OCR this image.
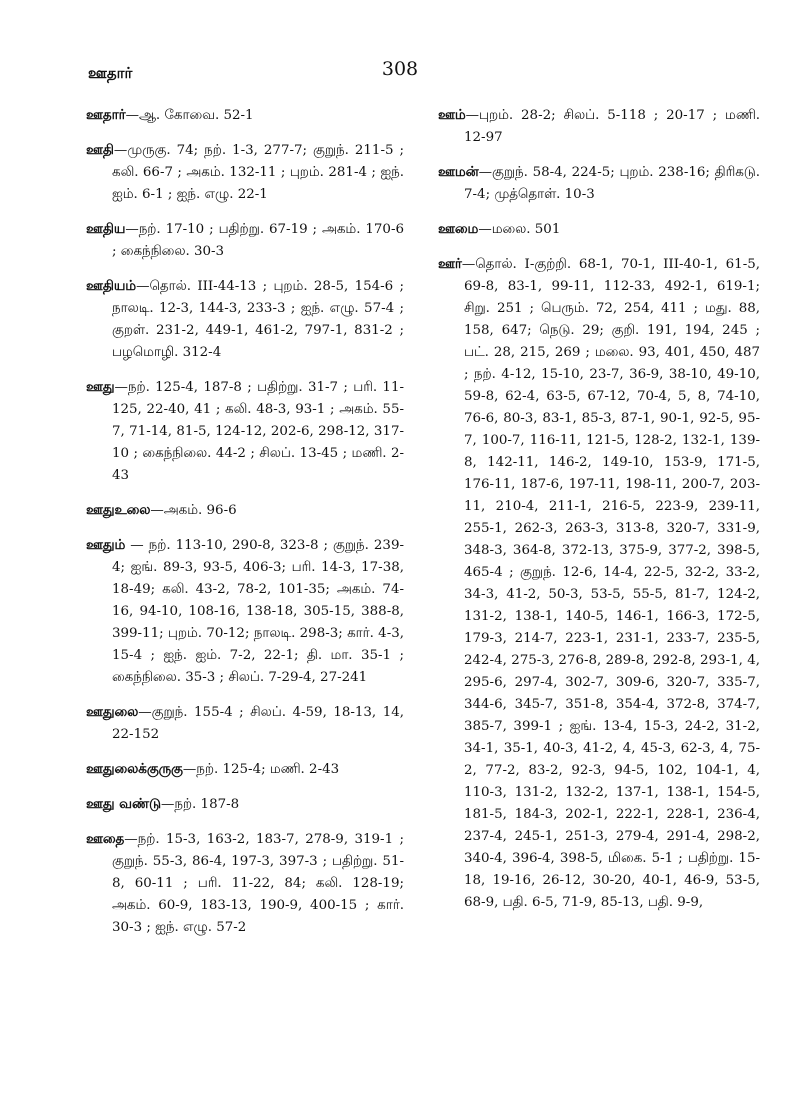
ஊதார்	308

ஊதார்—ஆ. கோவை. 52-1

ஊதி—முருகு. 74; நற். 1-3, 277-7; குறுந். 211-5 ; கலி. 66-7 ; அகம். 132-11 ; புறம். 281-4 ; ஐந். ஐம். 6-1 ; ஐந். எழு. 22-1

ஊதிய—நற். 17-10 ; பதிற்று. 67-19 ; அகம். 170-6 ; கைந்நிலை. 30-3

ஊதியம்—தொல். III-44-13 ; புறம். 28-5, 154-6 ; நாலடி. 12-3, 144-3, 233-3 ; ஐந். எழு. 57-4 ; குறள். 231-2, 449-1, 461-2, 797-1, 831-2 ; பழமொழி. 312-4

ஊது—நற். 125-4, 187-8 ; பதிற்று. 31-7 ; பரி. 11-125, 22-40, 41 ; கலி. 48-3, 93-1 ; அகம். 55-7, 71-14, 81-5, 124-12, 202-6, 298-12, 317-10 ; கைந்நிலை. 44-2 ; சிலப். 13-45 ; மணி. 2-43

ஊதுஉலை—அகம். 96-6

ஊதும் — நற். 113-10, 290-8, 323-8 ; குறுந். 239-4; ஐங். 89-3, 93-5, 406-3; பரி. 14-3, 17-38, 18-49; கலி. 43-2, 78-2, 101-35; அகம். 74-16, 94-10, 108-16, 138-18, 305-15, 388-8, 399-11; புறம். 70-12; நாலடி. 298-3; கார். 4-3, 15-4 ; ஐந். ஐம். 7-2, 22-1; தி. மா. 35-1 ; கைந்நிலை. 35-3 ; சிலப். 7-29-4, 27-241

ஊதுலை—குறுந். 155-4 ; சிலப். 4-59, 18-13, 14, 22-152

ஊதுலைக்குருகு—நற். 125-4; மணி. 2-43

ஊது வண்டு—நற். 187-8

ஊதை—நற். 15-3, 163-2, 183-7, 278-9, 319-1 ; குறுந். 55-3, 86-4, 197-3, 397-3 ; பதிற்று. 51-8, 60-11 ; பரி. 11-22, 84; கலி. 128-19; அகம். 60-9, 183-13, 190-9, 400-15 ; கார். 30-3 ; ஐந். எழு. 57-2

ஊம்—புறம். 28-2; சிலப். 5-118 ; 20-17 ; மணி. 12-97

ஊமன்—குறுந். 58-4, 224-5; புறம். 238-16; திரிகடு. 7-4; முத்தொள். 10-3

ஊமை—மலை. 501

ஊர்—தொல். I-குற்றி. 68-1, 70-1, III-40-1, 61-5, 69-8, 83-1, 99-11, 112-33, 492-1, 619-1; சிறு. 251 ; பெரும். 72, 254, 411 ; மது. 88, 158, 647; நெடு. 29; குறி. 191, 194, 245 ; பட். 28, 215, 269 ; மலை. 93, 401, 450, 487 ; நற். 4-12, 15-10, 23-7, 36-9, 38-10, 49-10, 59-8, 62-4, 63-5, 67-12, 70-4, 5, 8, 74-10, 76-6, 80-3, 83-1, 85-3, 87-1, 90-1, 92-5, 95-7, 100-7, 116-11, 121-5, 128-2, 132-1, 139-8, 142-11, 146-2, 149-10, 153-9, 171-5, 176-11, 187-6, 197-11, 198-11, 200-7, 203-11, 210-4, 211-1, 216-5, 223-9, 239-11, 255-1, 262-3, 263-3, 313-8, 320-7, 331-9, 348-3, 364-8, 372-13, 375-9, 377-2, 398-5, 465-4 ; குறுந். 12-6, 14-4, 22-5, 32-2, 33-2, 34-3, 41-2, 50-3, 53-5, 55-5, 81-7, 124-2, 131-2, 138-1, 140-5, 146-1, 166-3, 172-5, 179-3, 214-7, 223-1, 231-1, 233-7, 235-5, 242-4, 275-3, 276-8, 289-8, 292-8, 293-1, 4, 295-6, 297-4, 302-7, 309-6, 320-7, 335-7, 344-6, 345-7, 351-8, 354-4, 372-8, 374-7, 385-7, 399-1 ; ஐங். 13-4, 15-3, 24-2, 31-2, 34-1, 35-1, 40-3, 41-2, 4, 45-3, 62-3, 4, 75-2, 77-2, 83-2, 92-3, 94-5, 102, 104-1, 4, 110-3, 131-2, 132-2, 137-1, 138-1, 154-5, 181-5, 184-3, 202-1, 222-1, 228-1, 236-4, 237-4, 245-1, 251-3, 279-4, 291-4, 298-2, 340-4, 396-4, 398-5, மிகை. 5-1 ; பதிற்று. 15-18, 19-16, 26-12, 30-20, 40-1, 46-9, 53-5, 68-9, பதி. 6-5, 71-9, 85-13, பதி. 9-9,
